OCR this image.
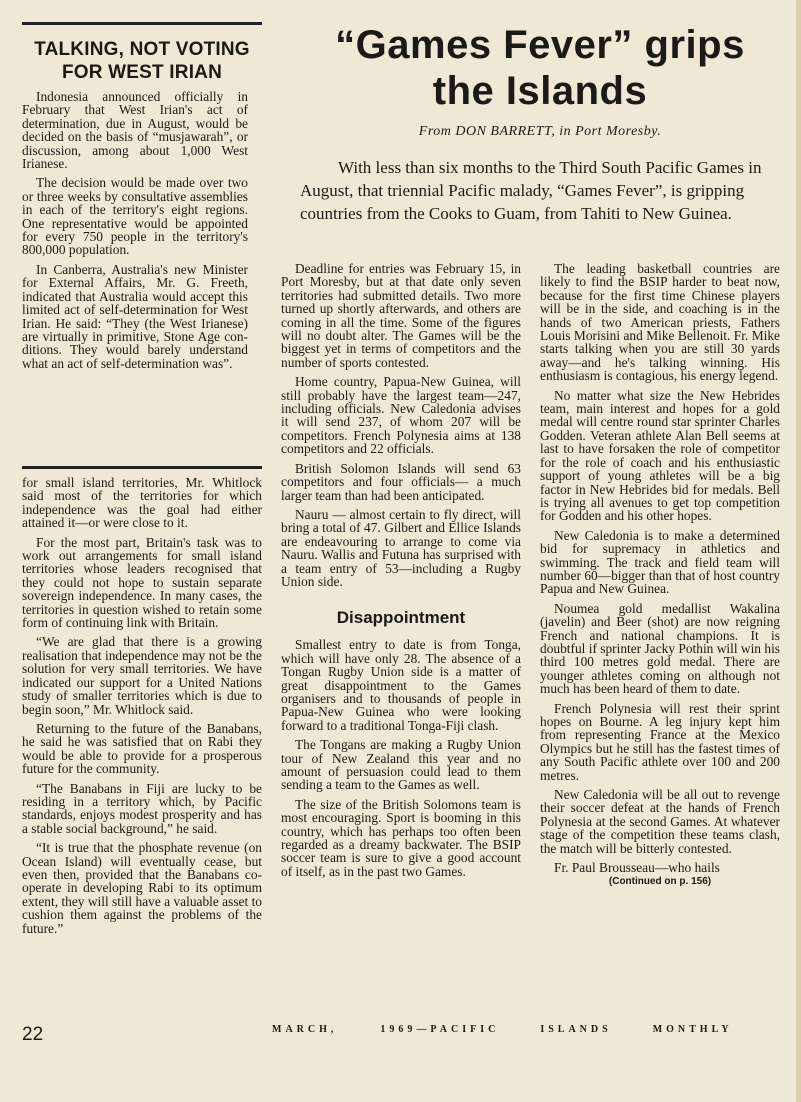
TALKING, NOT VOTING
FOR WEST IRIAN

Indonesia announced officially in February that West Irian's act of determination, due in August, would be decided on the basis of “musjawarah”, or discussion, among about 1,000 West Irianese.

The decision would be made over two or three weeks by consultative assemblies in each of the territory's eight regions. One representative would be appointed for every 750 people in the territory's 800,000 population.

In Canberra, Australia's new Minister for External Affairs, Mr. G. Freeth, indicated that Australia would accept this limited act of self-determination for West Irian. He said: “They (the West Irianese) are virtually in primitive, Stone Age conditions. They would barely understand what an act of self-determination was”.

for small island territories, Mr. Whitlock said most of the territories for which independence was the goal had either attained it—or were close to it.

For the most part, Britain's task was to work out arrangements for small island territories whose leaders recognised that they could not hope to sustain separate sovereign independence. In many cases, the territories in question wished to retain some form of continuing link with Britain.

“We are glad that there is a growing realisation that independence may not be the solution for very small territories. We have indicated our support for a United Nations study of smaller territories which is due to begin soon,” Mr. Whitlock said.

Returning to the future of the Banabans, he said he was satisfied that on Rabi they would be able to provide for a prosperous future for the community.

“The Banabans in Fiji are lucky to be residing in a territory which, by Pacific standards, enjoys modest prosperity and has a stable social background,” he said.

“It is true that the phosphate revenue (on Ocean Island) will eventually cease, but even then, provided that the Banabans co-operate in developing Rabi to its optimum extent, they will still have a valuable asset to cushion them against the problems of the future.”

“Games Fever” grips
the Islands
From DON BARRETT, in Port Moresby.

With less than six months to the Third South Pacific Games in August, that triennial Pacific malady, “Games Fever”, is gripping countries from the Cooks to Guam, from Tahiti to New Guinea.

Deadline for entries was February 15, in Port Moresby, but at that date only seven territories had submitted details. Two more turned up shortly afterwards, and others are coming in all the time. Some of the figures will no doubt alter. The Games will be the biggest yet in terms of competitors and the number of sports contested.

Home country, Papua-New Guinea, will still probably have the largest team—247, including officials. New Caledonia advises it will send 237, of whom 207 will be competitors. French Polynesia aims at 138 competitors and 22 officials.

British Solomon Islands will send 63 competitors and four officials— a much larger team than had been anticipated.

Nauru — almost certain to fly direct, will bring a total of 47. Gilbert and Ellice Islands are endeavouring to arrange to come via Nauru. Wallis and Futuna has surprised with a team entry of 53—including a Rugby Union side.

Disappointment

Smallest entry to date is from Tonga, which will have only 28. The absence of a Tongan Rugby Union side is a matter of great disappointment to the Games organisers and to thousands of people in Papua-New Guinea who were looking forward to a traditional Tonga-Fiji clash.

The Tongans are making a Rugby Union tour of New Zealand this year and no amount of persuasion could lead to them sending a team to the Games as well.

The size of the British Solomons team is most encouraging. Sport is booming in this country, which has perhaps too often been regarded as a dreamy backwater. The BSIP soccer team is sure to give a good account of itself, as in the past two Games.

The leading basketball countries are likely to find the BSIP harder to beat now, because for the first time Chinese players will be in the side, and coaching is in the hands of two American priests, Fathers Louis Morisini and Mike Bellenoit. Fr. Mike starts talking when you are still 30 yards away—and he's talking winning. His enthusiasm is contagious, his energy legend.

No matter what size the New Hebrides team, main interest and hopes for a gold medal will centre round star sprinter Charles Godden. Veteran athlete Alan Bell seems at last to have forsaken the role of competitor for the role of coach and his enthusiastic support of young athletes will be a big factor in New Hebrides bid for medals. Bell is trying all avenues to get top competition for Godden and his other hopes.

New Caledonia is to make a determined bid for supremacy in athletics and swimming. The track and field team will number 60—bigger than that of host country Papua and New Guinea.

Noumea gold medallist Wakalina (javelin) and Beer (shot) are now reigning French and national champions. It is doubtful if sprinter Jacky Pothin will win his third 100 metres gold medal. There are younger athletes coming on although not much has been heard of them to date.

French Polynesia will rest their sprint hopes on Bourne. A leg injury kept him from representing France at the Mexico Olympics but he still has the fastest times of any South Pacific athlete over 100 and 200 metres.

New Caledonia will be all out to revenge their soccer defeat at the hands of French Polynesia at the second Games. At whatever stage of the competition these teams clash, the match will be bitterly contested.

Fr. Paul Brousseau—who hails

(Continued on p. 156)
22	MARCH,	1969—PACIFIC	ISLANDS	MONTHLY
